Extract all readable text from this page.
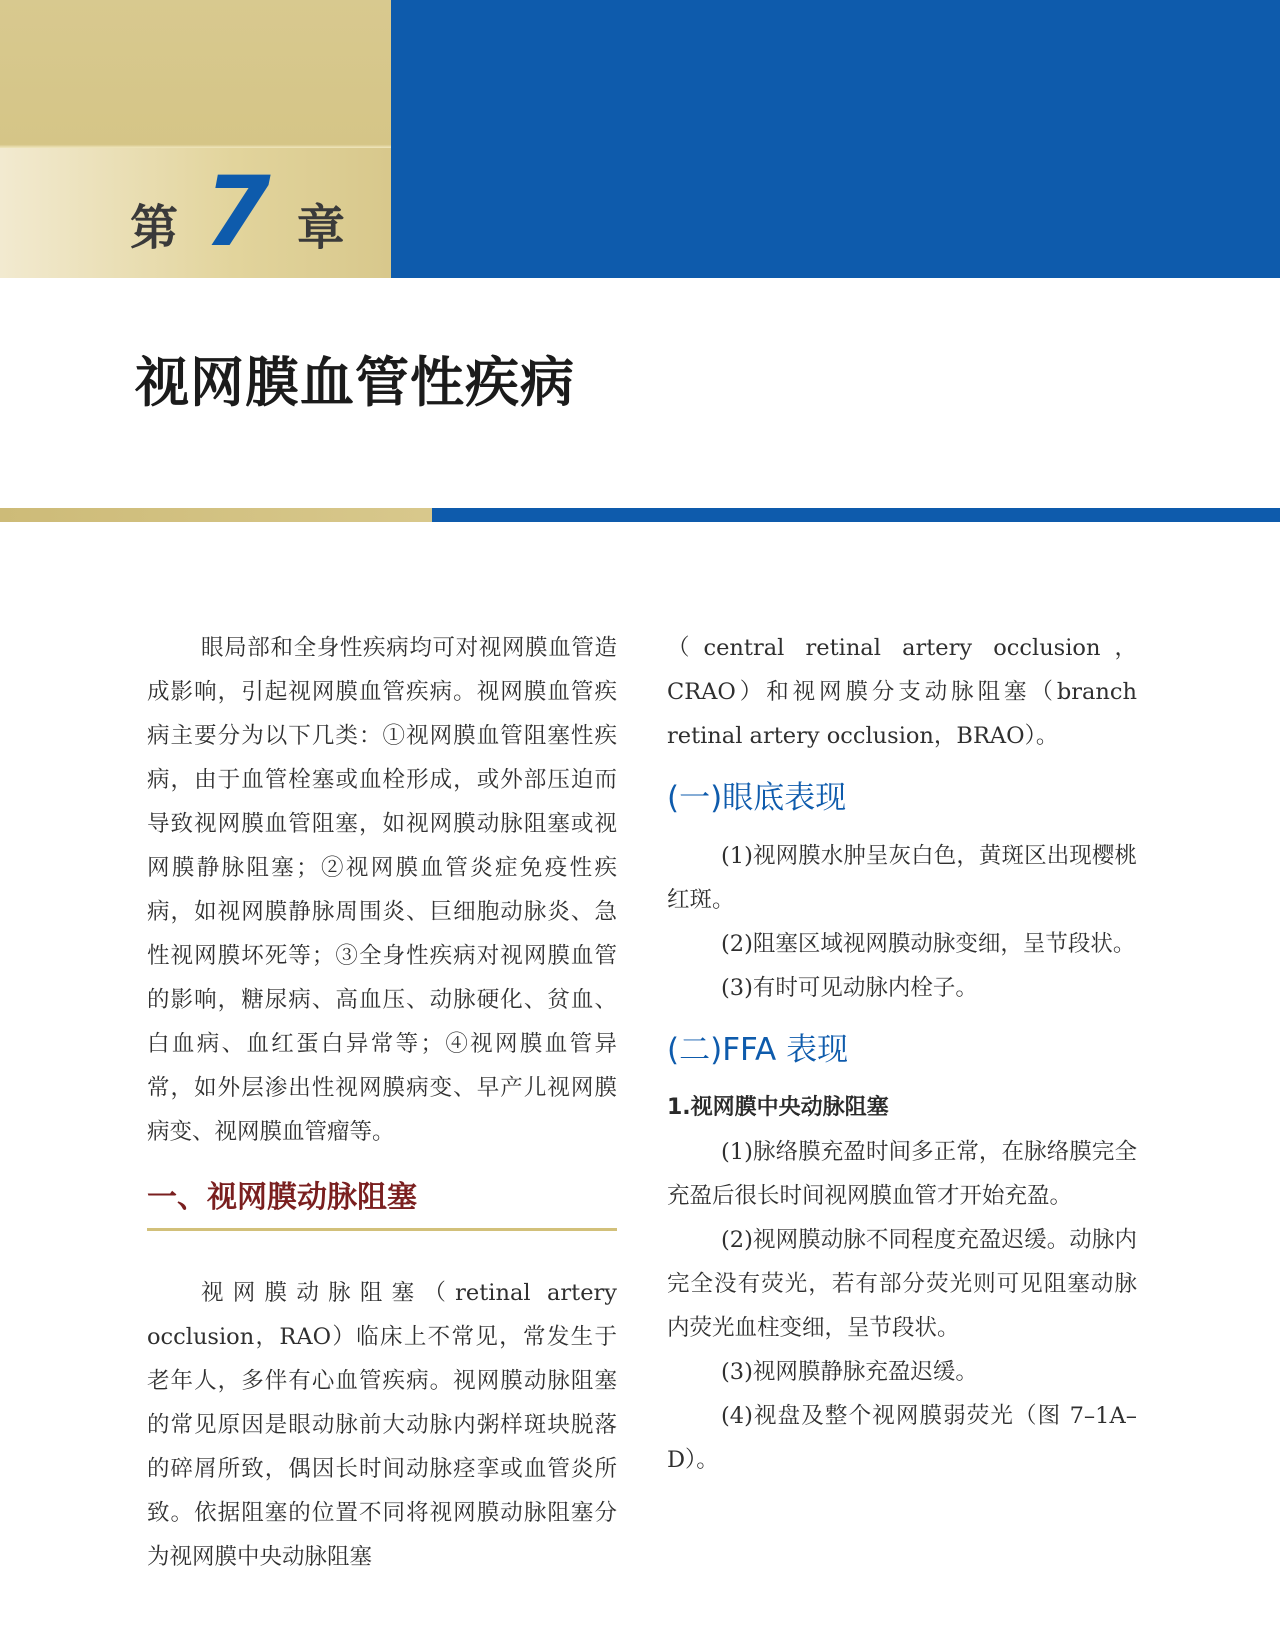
第 7 章
视网膜血管性疾病

眼局部和全身性疾病均可对视网膜血管造成影响，引起视网膜血管疾病。视网膜血管疾病主要分为以下几类：①视网膜血管阻塞性疾病，由于血管栓塞或血栓形成，或外部压迫而导致视网膜血管阻塞，如视网膜动脉阻塞或视网膜静脉阻塞；②视网膜血管炎症免疫性疾病，如视网膜静脉周围炎、巨细胞动脉炎、急性视网膜坏死等；③全身性疾病对视网膜血管的影响，糖尿病、高血压、动脉硬化、贫血、白血病、血红蛋白异常等；④视网膜血管异常，如外层渗出性视网膜病变、早产儿视网膜病变、视网膜血管瘤等。

一、视网膜动脉阻塞

视网膜动脉阻塞（retinal artery occlusion，RAO）临床上不常见，常发生于老年人，多伴有心血管疾病。视网膜动脉阻塞的常见原因是眼动脉前大动脉内粥样斑块脱落的碎屑所致，偶因长时间动脉痉挛或血管炎所致。依据阻塞的位置不同将视网膜动脉阻塞分为视网膜中央动脉阻塞

（central retinal artery occlusion，CRAO）和视网膜分支动脉阻塞（branch retinal artery occlusion，BRAO）。

(一)眼底表现

(1)视网膜水肿呈灰白色，黄斑区出现樱桃红斑。

(2)阻塞区域视网膜动脉变细，呈节段状。

(3)有时可见动脉内栓子。

(二)FFA 表现
1.视网膜中央动脉阻塞

(1)脉络膜充盈时间多正常，在脉络膜完全充盈后很长时间视网膜血管才开始充盈。

(2)视网膜动脉不同程度充盈迟缓。动脉内完全没有荧光，若有部分荧光则可见阻塞动脉内荧光血柱变细，呈节段状。

(3)视网膜静脉充盈迟缓。

(4)视盘及整个视网膜弱荧光（图 7–1A–D）。
